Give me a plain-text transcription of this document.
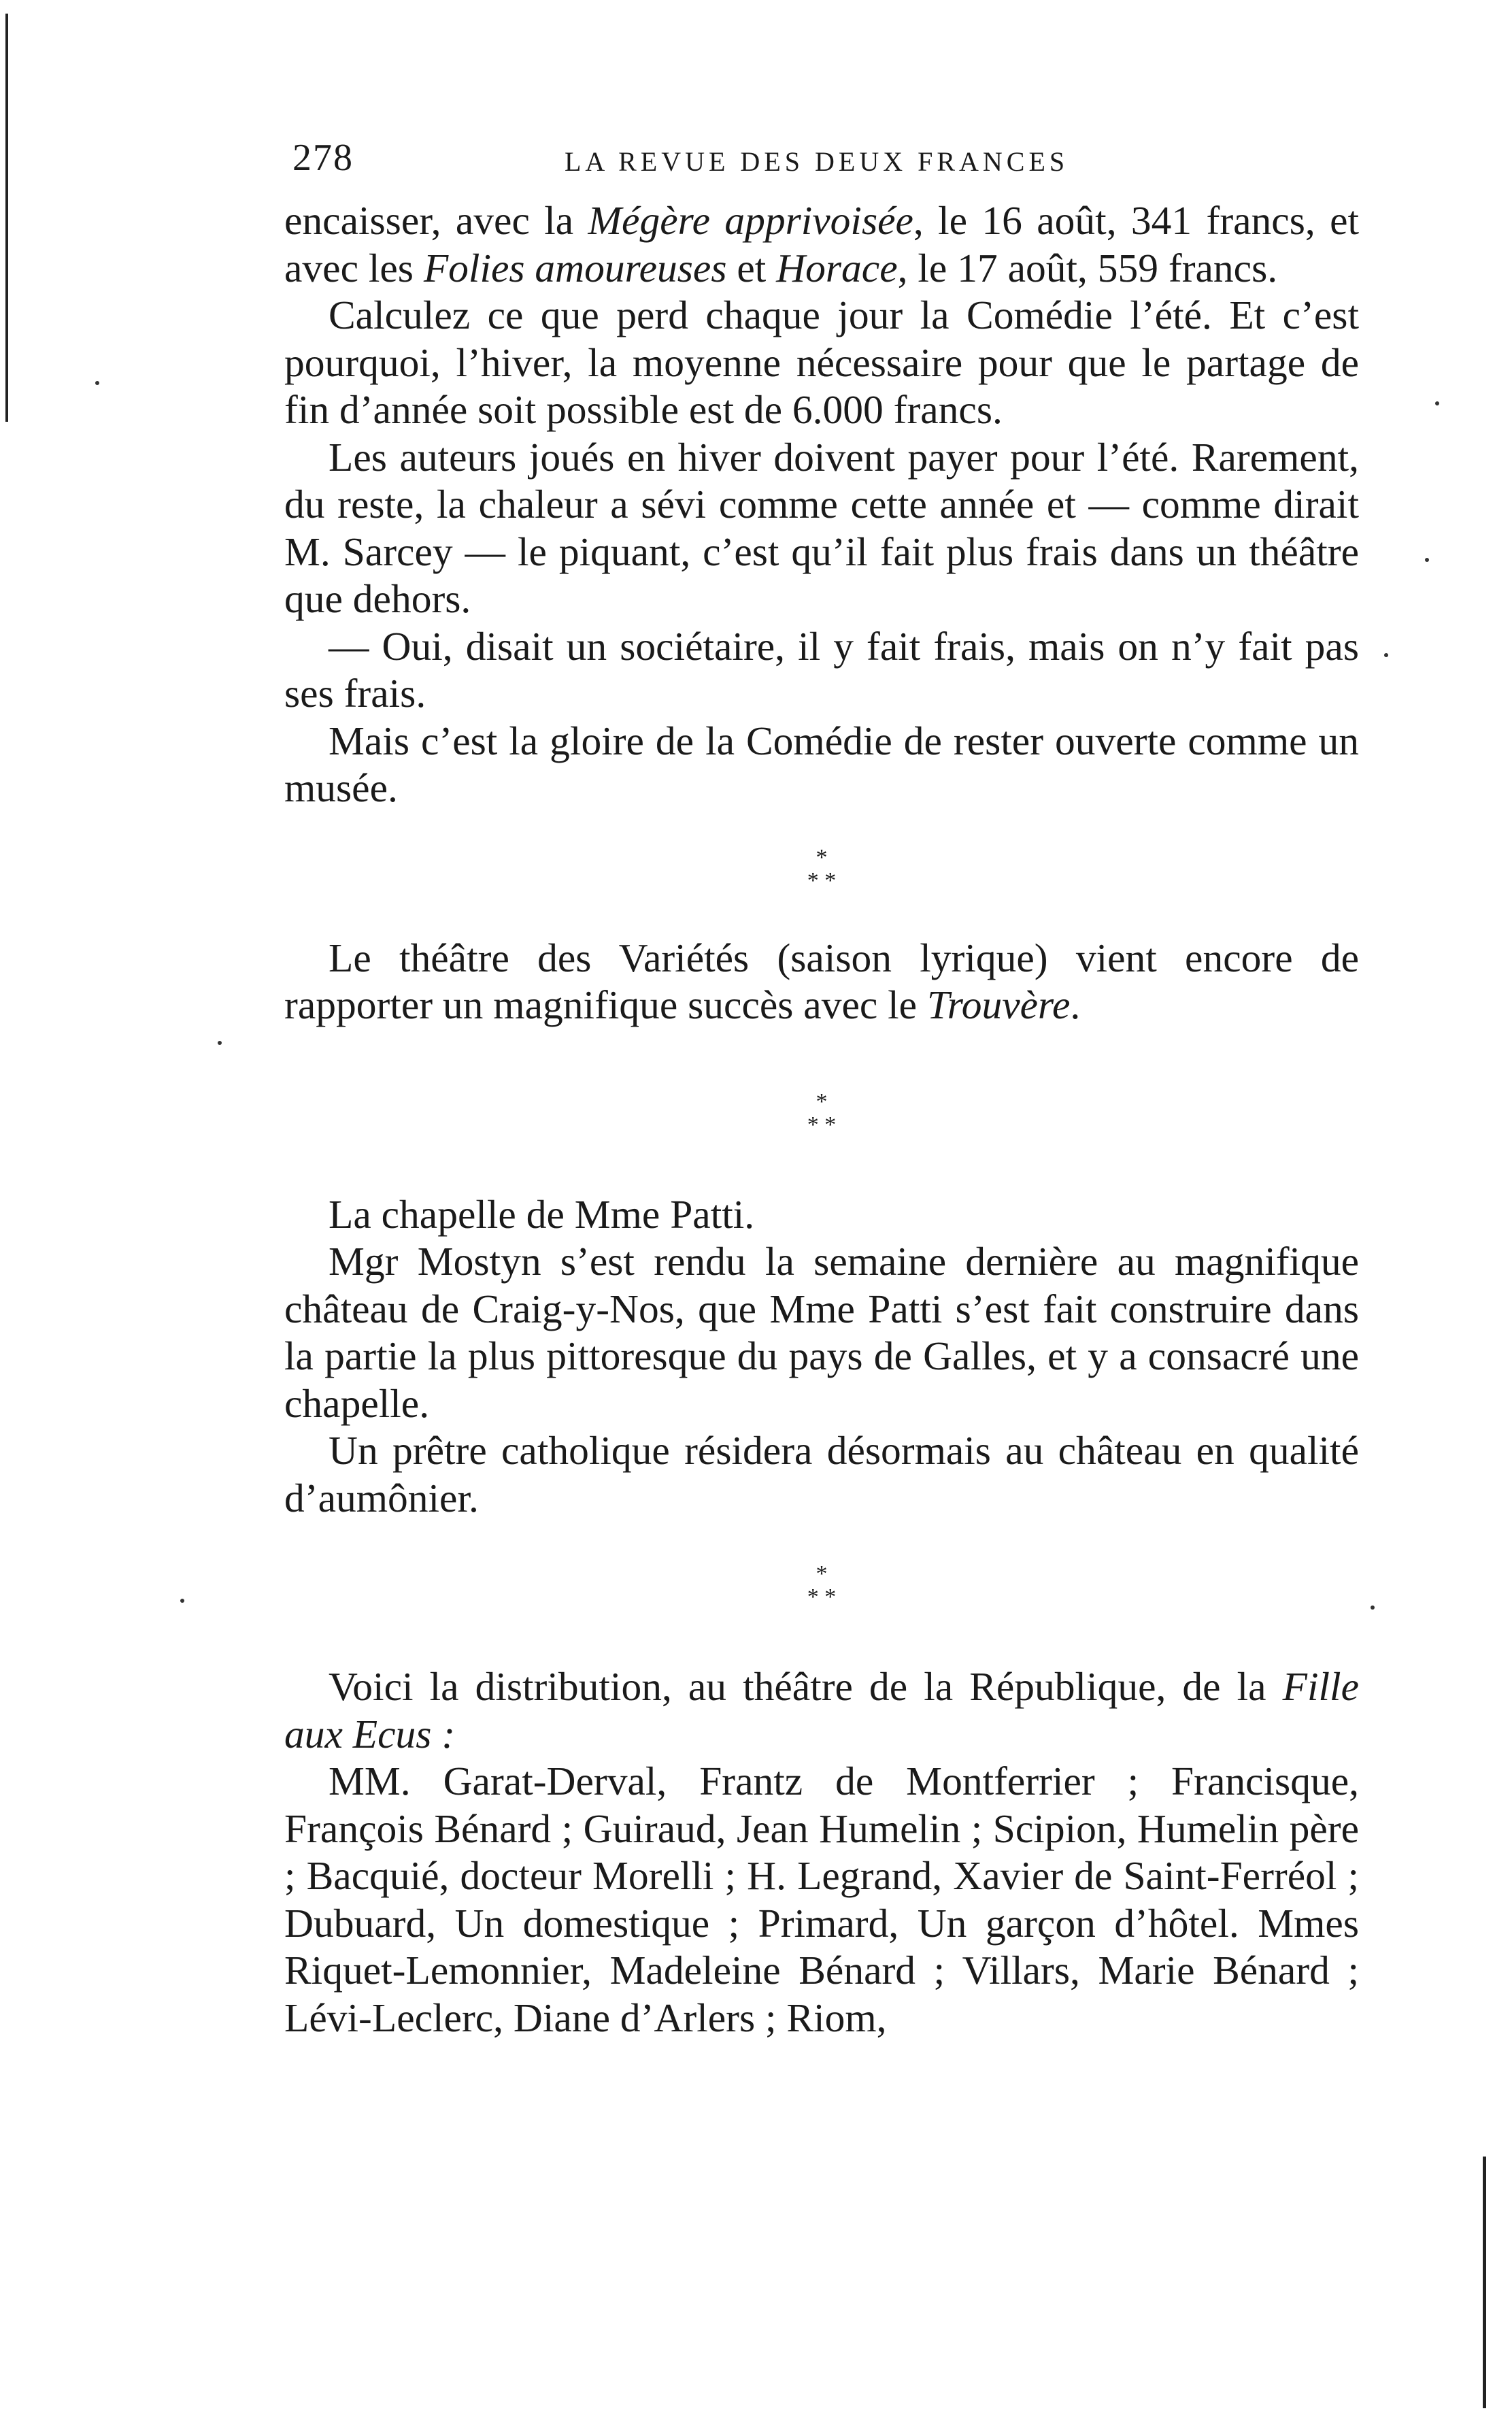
278	LA REVUE DES DEUX FRANCES

encaisser, avec la Mégère apprivoisée, le 16 août, 341 francs, et avec les Folies amoureuses et Horace, le 17 août, 559 francs.

Calculez ce que perd chaque jour la Comédie l’été. Et c’est pourquoi, l’hiver, la moyenne nécessaire pour que le partage de fin d’année soit possible est de 6.000 francs.

Les auteurs joués en hiver doivent payer pour l’été. Rarement, du reste, la chaleur a sévi comme cette année et — comme dirait M. Sarcey — le piquant, c’est qu’il fait plus frais dans un théâtre que dehors.

— Oui, disait un sociétaire, il y fait frais, mais on n’y fait pas ses frais.

Mais c’est la gloire de la Comédie de rester ouverte comme un musée.

*
* *

Le théâtre des Variétés (saison lyrique) vient encore de rapporter un magnifique succès avec le Trouvère.

*
* *

La chapelle de Mme Patti.

Mgr Mostyn s’est rendu la semaine dernière au magnifique château de Craig-y-Nos, que Mme Patti s’est fait construire dans la partie la plus pittoresque du pays de Galles, et y a consacré une chapelle.

Un prêtre catholique résidera désormais au château en qualité d’aumônier.

*
* *

Voici la distribution, au théâtre de la République, de la Fille aux Ecus :

MM. Garat-Derval, Frantz de Montferrier ; Francisque, François Bénard ; Guiraud, Jean Humelin ; Scipion, Humelin père ; Bacquié, docteur Morelli ; H. Legrand, Xavier de Saint-Ferréol ; Dubuard, Un domestique ; Primard, Un garçon d’hôtel. Mmes Riquet-Lemonnier, Madeleine Bénard ; Villars, Marie Bénard ; Lévi-Leclerc, Diane d’Arlers ; Riom,
